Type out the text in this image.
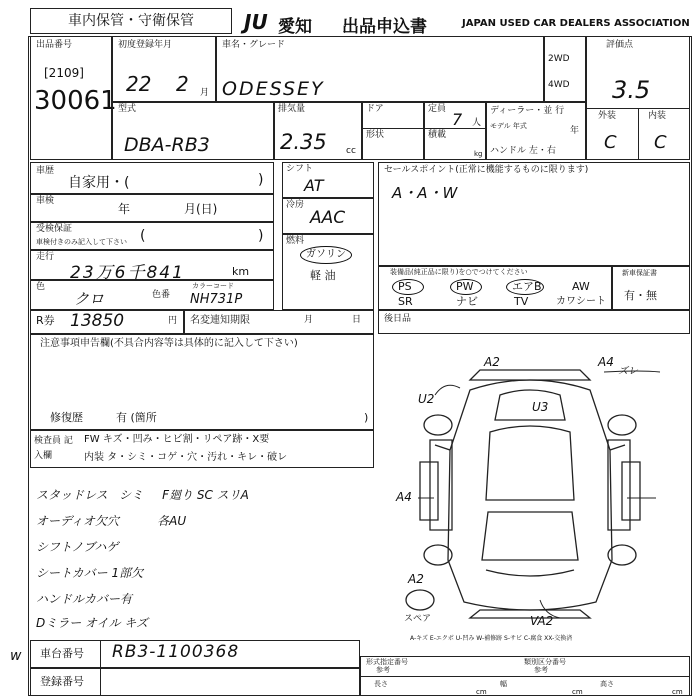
車内保管・守衛保管	JU 愛知 出品申込書	JAPAN USED CAR DEALERS ASSOCIATION
出品番号
[2109]
30061
初度登録年月
22 2 月
車名・グレード
ODESSEY
2WD
4WD
評価点
3.5
外装	内装
C C
型式
DBA-RB3
排気量
2.35 cc
ドア
形状
定員
7 人
積載
kg
ディーラー・並 行
モデル 年式	年
ハンドル 左・右
車歴
自家用・(	)
車検
年	月(日)
受検保証
車検付きのみ記入して下さい (	)
走行
23万6千841	km
色
クロ	色番
カラーコード
NH731P
シフト
AT
冷房
AAC
燃料
ガソリン
軽 油
セールスポイント(正常に機能するものに限ります)
A・A・W
装備品(純正品に限り)を○でつけてください
PS	PW	エアB	AW
SR	ナビ	TV	カワシート
新車保証書
有・無
R券 13850	円 名変連知期限	月	日	後日品
注意事項申告欄(不具合内容等は具体的に記入して下さい)
修復歴	有 (箇所	)
検査員 記入欄
FW キズ・凹み・ヒビ割・リペア跡・X要
内装 タ・シミ・コゲ・穴・汚れ・キレ・破レ
スタッドレス   シミ     F廻り SC スリA
オーディオ欠穴          各AU
シフトノブハゲ
シートカバー 1部欠
ハンドルカバー有
Dミラー オイル キズ
A2	A4
ズレ
U2
U3
A4
A2
スペア	VA2
A-キズ E-エクボ U-凹み W-補修跡 S-サビ C-腐食 XX-交換済
車台番号 RB3-1100368
登録番号
形式指定番号	類別区分番号
参考	参考
長さ	幅	高さ
cm	cm	cm
w
